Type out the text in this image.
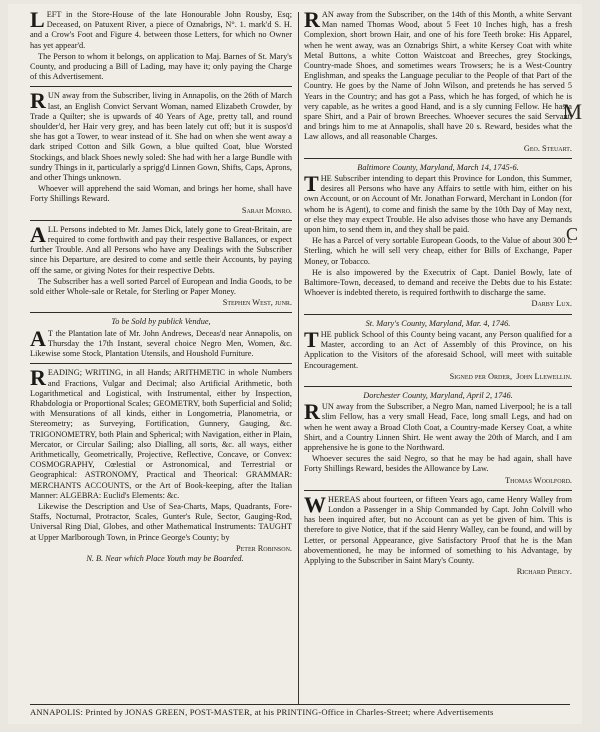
M
C
L EFT in the Store-House of the late Honourable John Rousby, Esq; Deceased, on Patuxent River, a piece of Oznabrigs, N°. 1. mark'd S. H. and a Crow's Foot and Figure 4. between those Letters, for which no Owner has yet appear'd.

The Person to whom it belongs, on application to Maj. Barnes of St. Mary's County, and producing a Bill of Lading, may have it; only paying the Charge of this Advertisement.

R UN away from the Subscriber, living in Annapolis, on the 26th of March last, an English Convict Servant Woman, named Elizabeth Crowder, by Trade a Quilter; she is upwards of 40 Years of Age, pretty tall, and round shoulder'd, her Hair very grey, and has been lately cut off; but it is suspos'd she has got a Tower, to wear instead of it. She had on when she went away a dark striped Cotton and Silk Gown, a blue quilted Coat, blue Worsted Stockings, and black Shoes newly soled: She had with her a large Bundle with sundry Things in it, particularly a sprigg'd Linnen Gown, Shifts, Caps, Aprons, and other Things unknown.

Whoever will apprehend the said Woman, and brings her home, shall have Forty Shillings Reward.

Sarah Monro.
A LL Persons indebted to Mr. James Dick, lately gone to Great-Britain, are required to come forthwith and pay their respective Ballances, or expect further Trouble. And all Persons who have any Dealings with the Subscriber since his Departure, are desired to come and settle their Accounts, by paying off the same, or giving Notes for their respective Debts.

The Subscriber has a well sorted Parcel of European and India Goods, to be sold either Whole-sale or Retale, for Sterling or Paper Money.

Stephen West, junr.
To be Sold by publick Vendue,
A T the Plantation late of Mr. John Andrews, Deceas'd near Annapolis, on Thursday the 17th Instant, several choice Negro Men, Women, &c. Likewise some Stock, Plantation Utensils, and Houshold Furniture.

R EADING; WRITING, in all Hands; ARITHMETIC in whole Numbers and Fractions, Vulgar and Decimal; also Artificial Arithmetic, both Logarithmetical and Logistical, with Instrumental, either by Inspection, Rhabdologia or Proportional Scales; GEOMETRY, both Superficial and Solid; with Mensurations of all kinds, either in Longometria, Planometria, or Stereometry; as Surveying, Fortification, Gunnery, Gauging, &c. TRIGONOMETRY, both Plain and Spherical; with Navigation, either in Plain, Mercator, or Circular Sailing; also Dialling, all sorts, &c. all ways, either Arithmetically, Geometrically, Projective, Reflective, Concave, or Convex: COSMOGRAPHY, Cœlestial or Astronomical, and Terrestrial or Geographical: ASTRONOMY, Practical and Theorical: GRAMMAR: MERCHANTS ACCOUNTS, or the Art of Book-keeping, after the Italian Manner: ALGEBRA: Euclid's Elements: &c.

Likewise the Description and Use of Sea-Charts, Maps, Quadrants, Fore-Staffs, Nocturnal, Protractor, Scales, Gunter's Rule, Sector, Gauging-Rod, Universal Ring Dial, Globes, and other Mathematical Instruments: TAUGHT at Upper Marlborough Town, in Prince George's County; by

Peter Robinson.

N. B. Near which Place Youth may be Boarded.

R AN away from the Subscriber, on the 14th of this Month, a white Servant Man named Thomas Wood, about 5 Feet 10 Inches high, has a fresh Complexion, short brown Hair, and one of his fore Teeth broke: His Apparel, when he went away, was an Oznabrigs Shirt, a white Kersey Coat with white Metal Buttons, a white Cotton Waistcoat and Breeches, grey Stockings, Country-made Shoes, and sometimes wears Trowsers; he is a West-Country Englishman, and speaks the Language peculiar to the People of that Part of the Country. He goes by the Name of John Wilson, and pretends he has served 5 Years in the Country; and has got a Pass, which he has forged, of which he is very capable, as he writes a good Hand, and is a sly cunning Fellow. He has a spare Shirt, and a Pair of brown Breeches. Whoever secures the said Servant, and brings him to me at Annapolis, shall have 20 s. Reward, besides what the Law allows, and all reasonable Charges.

Geo. Steuart.
Baltimore County, Maryland, March 14, 1745-6.
T HE Subscriber intending to depart this Province for London, this Summer, desires all Persons who have any Affairs to settle with him, either on his own Account, or on Account of Mr. Jonathan Forward, Merchant in London (for whom he is Agent), to come and finish the same by the 10th Day of May next, or else they may expect Trouble. He also advises those who have any Demands upon him, to send them in, and they shall be paid.

He has a Parcel of very sortable European Goods, to the Value of about 300 l. Sterling, which he will sell very cheap, either for Bills of Exchange, Paper Money, or Tobacco.

He is also impowered by the Executrix of Capt. Daniel Bowly, late of Baltimore-Town, deceased, to demand and receive the Debts due to his Estate: Whoever is indebted thereto, is required forthwith to discharge the same.

Darby Lux.
St. Mary's County, Maryland, Mar. 4, 1746.
T HE publick School of this County being vacant, any Person qualified for a Master, according to an Act of Assembly of this Province, on his Application to the Visitors of the aforesaid School, will meet with suitable Encouragement.

Signed per Order, John Llewellin.
Dorchester County, Maryland, April 2, 1746.
R UN away from the Subscriber, a Negro Man, named Liverpool; he is a tall slim Fellow, has a very small Head, Face, long small Legs, and had on when he went away a Broad Cloth Coat, a Country-made Kersey Coat, a white Shirt, and a Country Linnen Shirt. He went away the 20th of March, and I am apprehensive he is gone to the Northward.

Whoever secures the said Negro, so that he may be had again, shall have Forty Shillings Reward, besides the Allowance by Law.

Thomas Woolford.
W HEREAS about fourteen, or fifteen Years ago, came Henry Walley from London a Passenger in a Ship Commanded by Capt. John Colvill who has been inquired after, but no Account can as yet be given of him. This is therefore to give Notice, that if the said Henry Walley, can be found, and will by Letter, or personal Appearance, give Satisfactory Proof that he is the Man abovementioned, he may be informed of something to his Advantage, by Applying to the Subscriber in Saint Mary's County.

Richard Piercy.
ANNAPOLIS: Printed by JONAS GREEN, POST-MASTER, at his PRINTING-Office in Charles-Street; where Advertisements
